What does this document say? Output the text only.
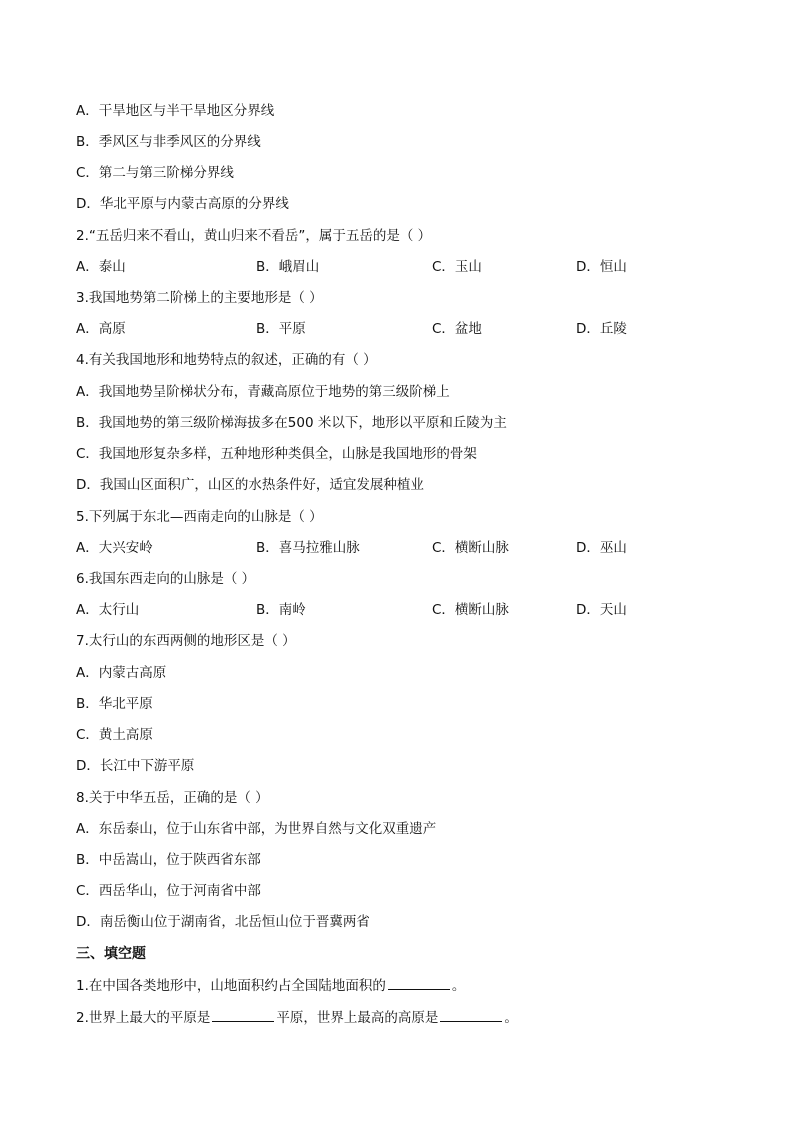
A．干旱地区与半干旱地区分界线
B．季风区与非季风区的分界线
C．第二与第三阶梯分界线
D．华北平原与内蒙古高原的分界线
2.“五岳归来不看山，黄山归来不看岳”，属于五岳的是（ ）
A．泰山	B．峨眉山	C．玉山	D．恒山
3.我国地势第二阶梯上的主要地形是（ ）
A．高原	B．平原	C．盆地	D．丘陵
4.有关我国地形和地势特点的叙述，正确的有（ ）
A．我国地势呈阶梯状分布，青藏高原位于地势的第三级阶梯上
B．我国地势的第三级阶梯海拔多在500 米以下，地形以平原和丘陵为主
C．我国地形复杂多样，五种地形种类俱全，山脉是我国地形的骨架
D．我国山区面积广，山区的水热条件好，适宜发展种植业
5.下列属于东北—西南走向的山脉是（ ）
A．大兴安岭	B．喜马拉雅山脉	C．横断山脉	D．巫山
6.我国东西走向的山脉是（ ）
A．太行山	B．南岭	C．横断山脉	D．天山
7.太行山的东西两侧的地形区是（ ）
A．内蒙古高原
B．华北平原
C．黄土高原
D．长江中下游平原
8.关于中华五岳，正确的是（ ）
A．东岳泰山，位于山东省中部，为世界自然与文化双重遗产
B．中岳嵩山，位于陕西省东部
C．西岳华山，位于河南省中部
D．南岳衡山位于湖南省，北岳恒山位于晋冀两省
三、填空题
1.在中国各类地形中，山地面积约占全国陆地面积的	。
2.世界上最大的平原是	平原，世界上最高的高原是	。
